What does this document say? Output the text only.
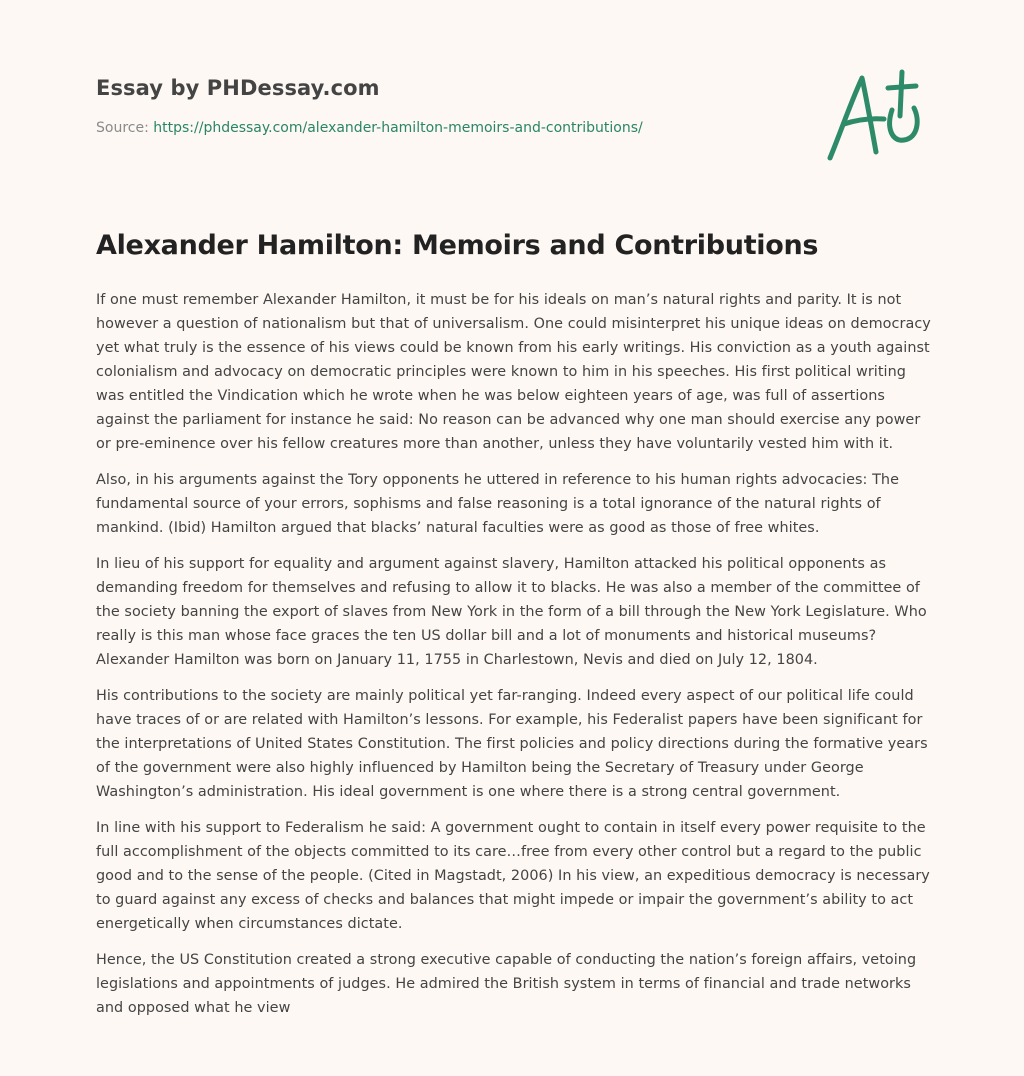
Essay by PHDessay.com
Source: https://phdessay.com/alexander-hamilton-memoirs-and-contributions/
Alexander Hamilton: Memoirs and Contributions

If one must remember Alexander Hamilton, it must be for his ideals on man’s natural rights and parity. It is not however a question of nationalism but that of universalism. One could misinterpret his unique ideas on democracy yet what truly is the essence of his views could be known from his early writings. His conviction as a youth against colonialism and advocacy on democratic principles were known to him in his speeches. His first political writing was entitled the Vindication which he wrote when he was below eighteen years of age, was full of assertions against the parliament for instance he said: No reason can be advanced why one man should exercise any power or pre-eminence over his fellow creatures more than another, unless they have voluntarily vested him with it.

Also, in his arguments against the Tory opponents he uttered in reference to his human rights advocacies: The fundamental source of your errors, sophisms and false reasoning is a total ignorance of the natural rights of mankind. (Ibid) Hamilton argued that blacks’ natural faculties were as good as those of free whites.

In lieu of his support for equality and argument against slavery, Hamilton attacked his political opponents as demanding freedom for themselves and refusing to allow it to blacks. He was also a member of the committee of the society banning the export of slaves from New York in the form of a bill through the New York Legislature. Who really is this man whose face graces the ten US dollar bill and a lot of monuments and historical museums? Alexander Hamilton was born on January 11, 1755 in Charlestown, Nevis and died on July 12, 1804.

His contributions to the society are mainly political yet far-ranging. Indeed every aspect of our political life could have traces of or are related with Hamilton’s lessons. For example, his Federalist papers have been significant for the interpretations of United States Constitution. The first policies and policy directions during the formative years of the government were also highly influenced by Hamilton being the Secretary of Treasury under George Washington’s administration. His ideal government is one where there is a strong central government.

In line with his support to Federalism he said: A government ought to contain in itself every power requisite to the full accomplishment of the objects committed to its care…free from every other control but a regard to the public good and to the sense of the people. (Cited in Magstadt, 2006) In his view, an expeditious democracy is necessary to guard against any excess of checks and balances that might impede or impair the government’s ability to act energetically when circumstances dictate.

Hence, the US Constitution created a strong executive capable of conducting the nation’s foreign affairs, vetoing legislations and appointments of judges. He admired the British system in terms of financial and trade networks and opposed what he view
